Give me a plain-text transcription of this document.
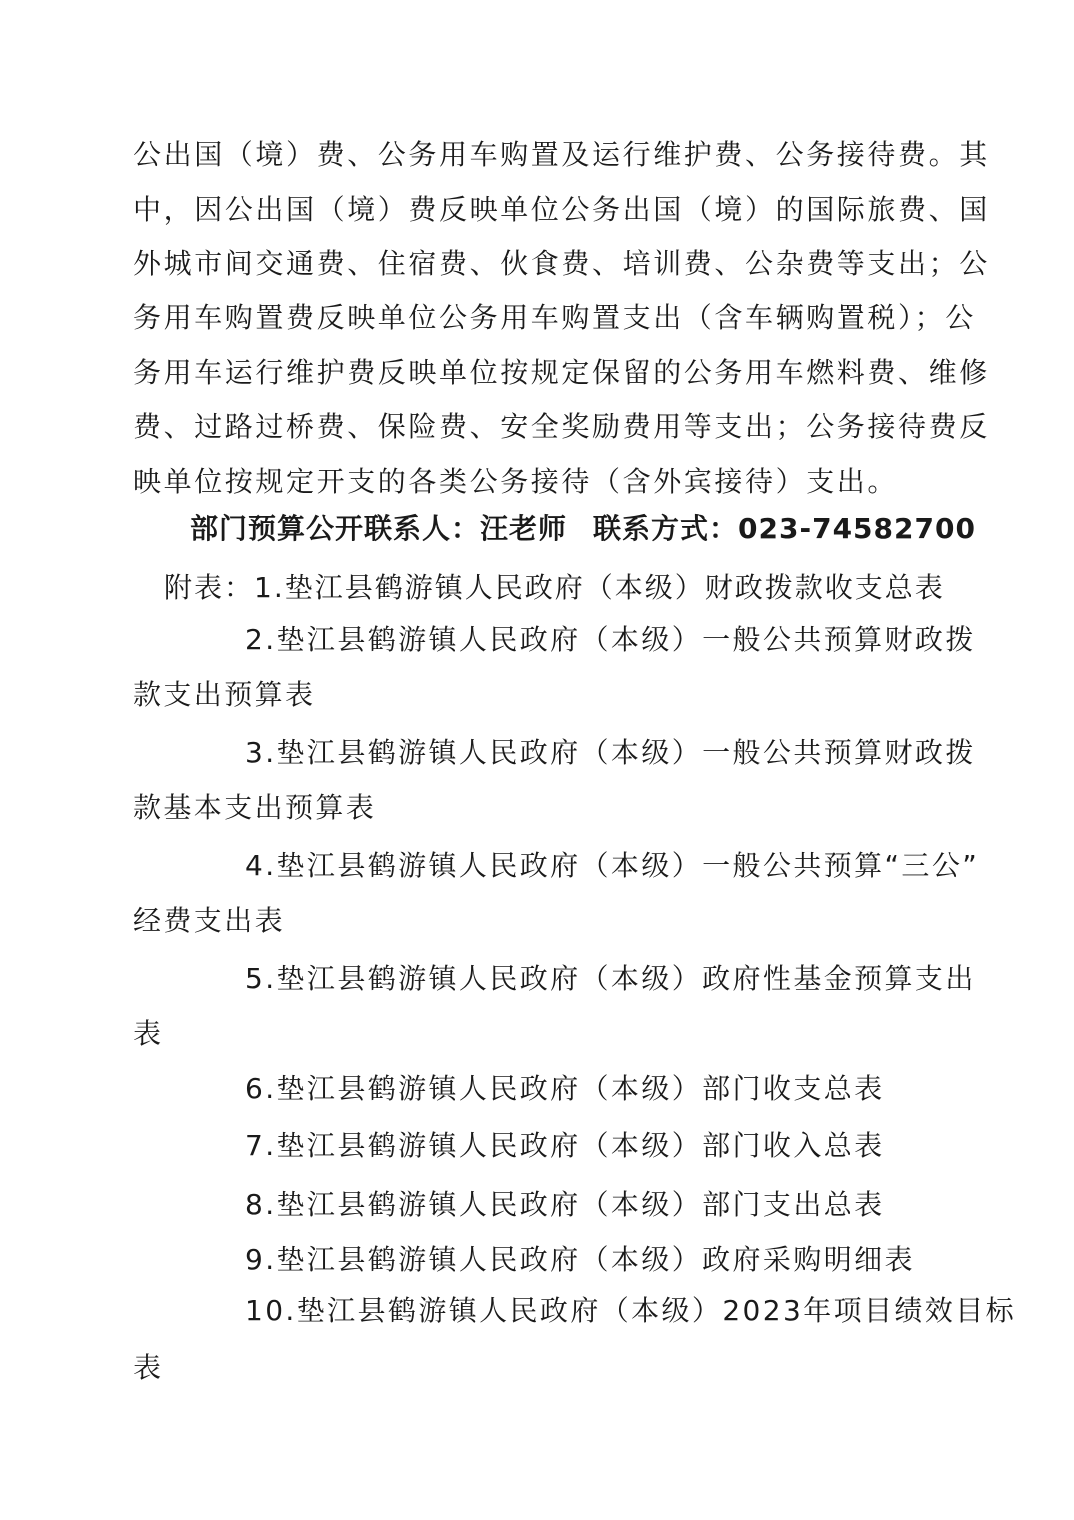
公出国（境）费、公务用车购置及运行维护费、公务接待费。其
中，因公出国（境）费反映单位公务出国（境）的国际旅费、国
外城市间交通费、住宿费、伙食费、培训费、公杂费等支出；公
务用车购置费反映单位公务用车购置支出（含车辆购置税）；公
务用车运行维护费反映单位按规定保留的公务用车燃料费、维修
费、过路过桥费、保险费、安全奖励费用等支出；公务接待费反
映单位按规定开支的各类公务接待（含外宾接待）支出。
部门预算公开联系人：汪老师 联系方式：023-74582700
附表：1.垫江县鹤游镇人民政府（本级）财政拨款收支总表
2.垫江县鹤游镇人民政府（本级）一般公共预算财政拨
款支出预算表
3.垫江县鹤游镇人民政府（本级）一般公共预算财政拨
款基本支出预算表
4.垫江县鹤游镇人民政府（本级）一般公共预算“三公”
经费支出表
5.垫江县鹤游镇人民政府（本级）政府性基金预算支出
表
6.垫江县鹤游镇人民政府（本级）部门收支总表
7.垫江县鹤游镇人民政府（本级）部门收入总表
8.垫江县鹤游镇人民政府（本级）部门支出总表
9.垫江县鹤游镇人民政府（本级）政府采购明细表
10.垫江县鹤游镇人民政府（本级）2023年项目绩效目标
表
